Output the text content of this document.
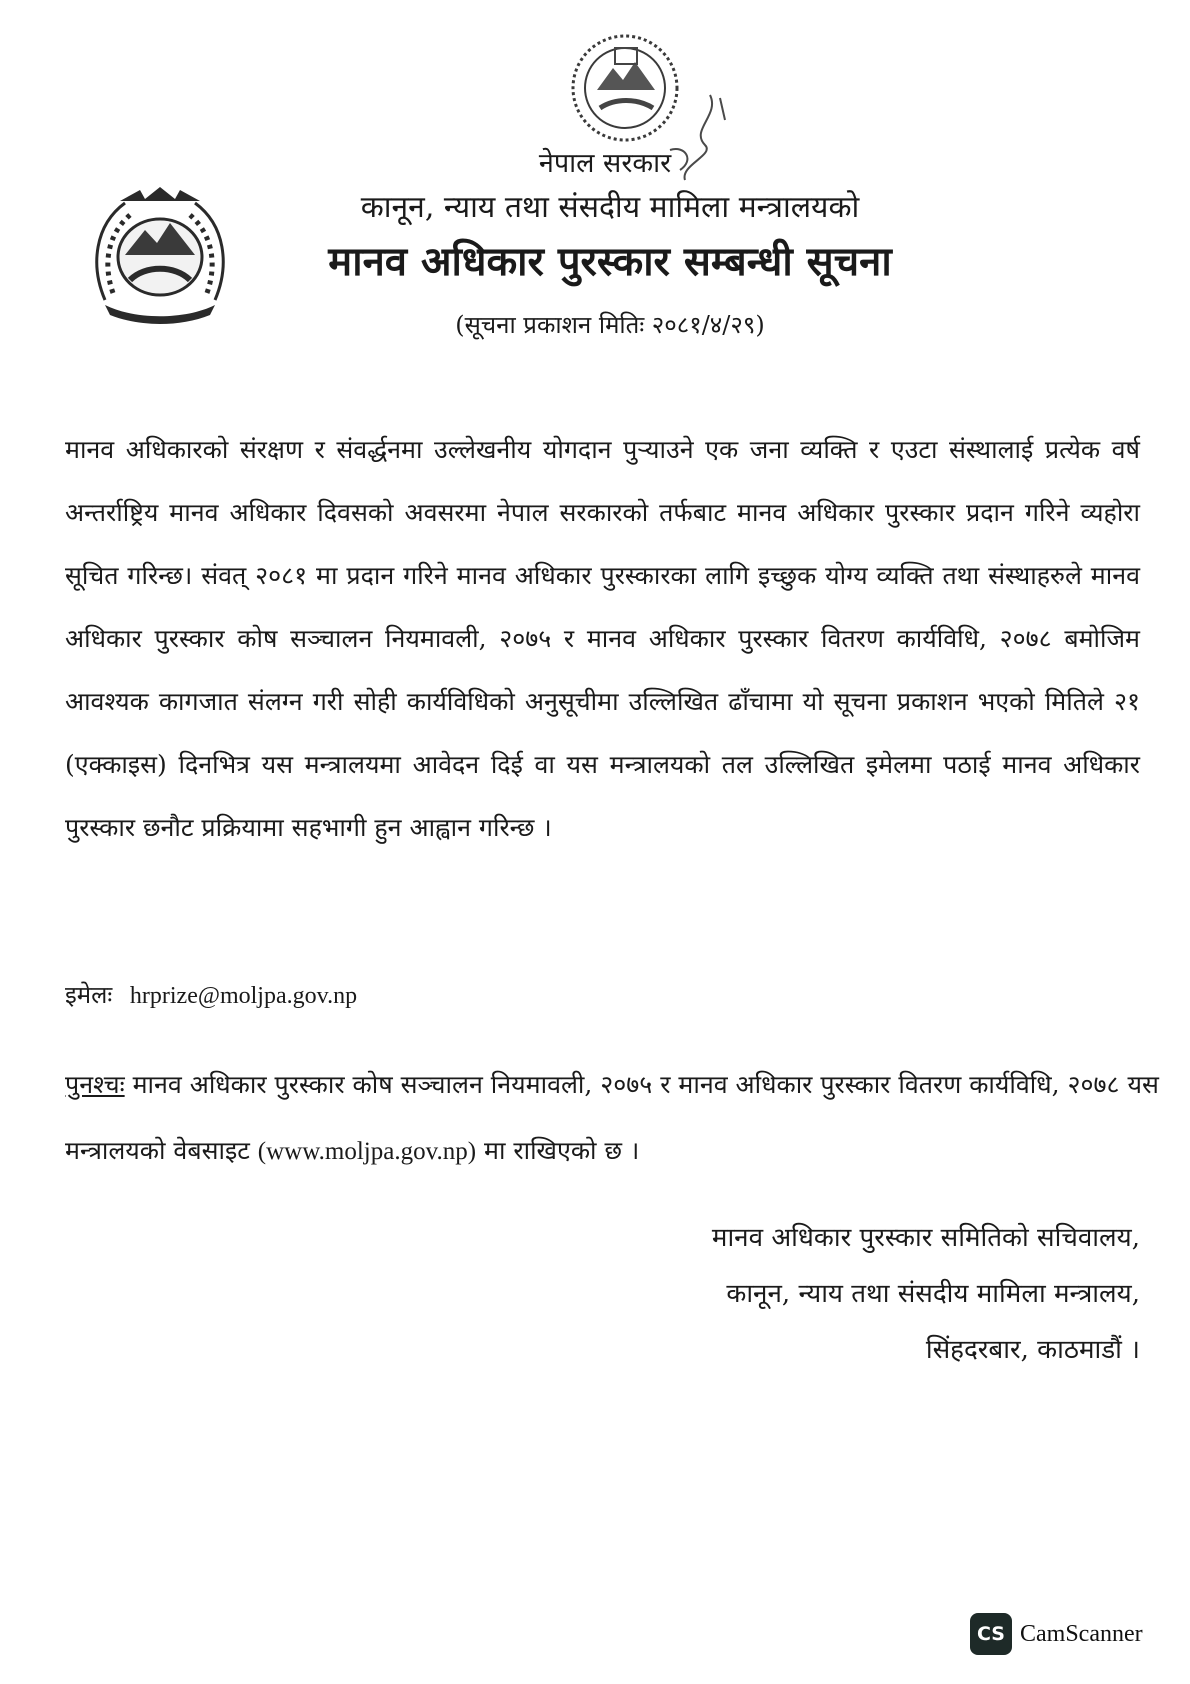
नेपाल सरकार
कानून, न्याय तथा संसदीय मामिला मन्त्रालयको
मानव अधिकार पुरस्कार सम्बन्धी सूचना
(सूचना प्रकाशन मितिः २०८१/४/२९)
मानव अधिकारको संरक्षण र संवर्द्धनमा उल्लेखनीय योगदान पुऱ्याउने एक जना व्यक्ति र एउटा संस्थालाई प्रत्येक वर्ष अन्तर्राष्ट्रिय मानव अधिकार दिवसको अवसरमा नेपाल सरकारको तर्फबाट मानव अधिकार पुरस्कार प्रदान गरिने व्यहोरा सूचित गरिन्छ। संवत् २०८१ मा प्रदान गरिने मानव अधिकार पुरस्कारका लागि इच्छुक योग्य व्यक्ति तथा संस्थाहरुले मानव अधिकार पुरस्कार कोष सञ्चालन नियमावली, २०७५ र मानव अधिकार पुरस्कार वितरण कार्यविधि, २०७८ बमोजिम आवश्यक कागजात संलग्न गरी सोही कार्यविधिको अनुसूचीमा उल्लिखित ढाँचामा यो सूचना प्रकाशन भएको मितिले २१ (एक्काइस) दिनभित्र यस मन्त्रालयमा आवेदन दिई वा यस मन्त्रालयको तल उल्लिखित इमेलमा पठाई मानव अधिकार पुरस्कार छनौट प्रक्रियामा सहभागी हुन आह्वान गरिन्छ ।
इमेलः hrprize@moljpa.gov.np
पुनश्चः मानव अधिकार पुरस्कार कोष सञ्चालन नियमावली, २०७५ र मानव अधिकार पुरस्कार वितरण कार्यविधि, २०७८ यस मन्त्रालयको वेबसाइट (www.moljpa.gov.np) मा राखिएको छ ।
मानव अधिकार पुरस्कार समितिको सचिवालय,
कानून, न्याय तथा संसदीय मामिला मन्त्रालय,
सिंहदरबार, काठमाडौं ।
CS CamScanner
